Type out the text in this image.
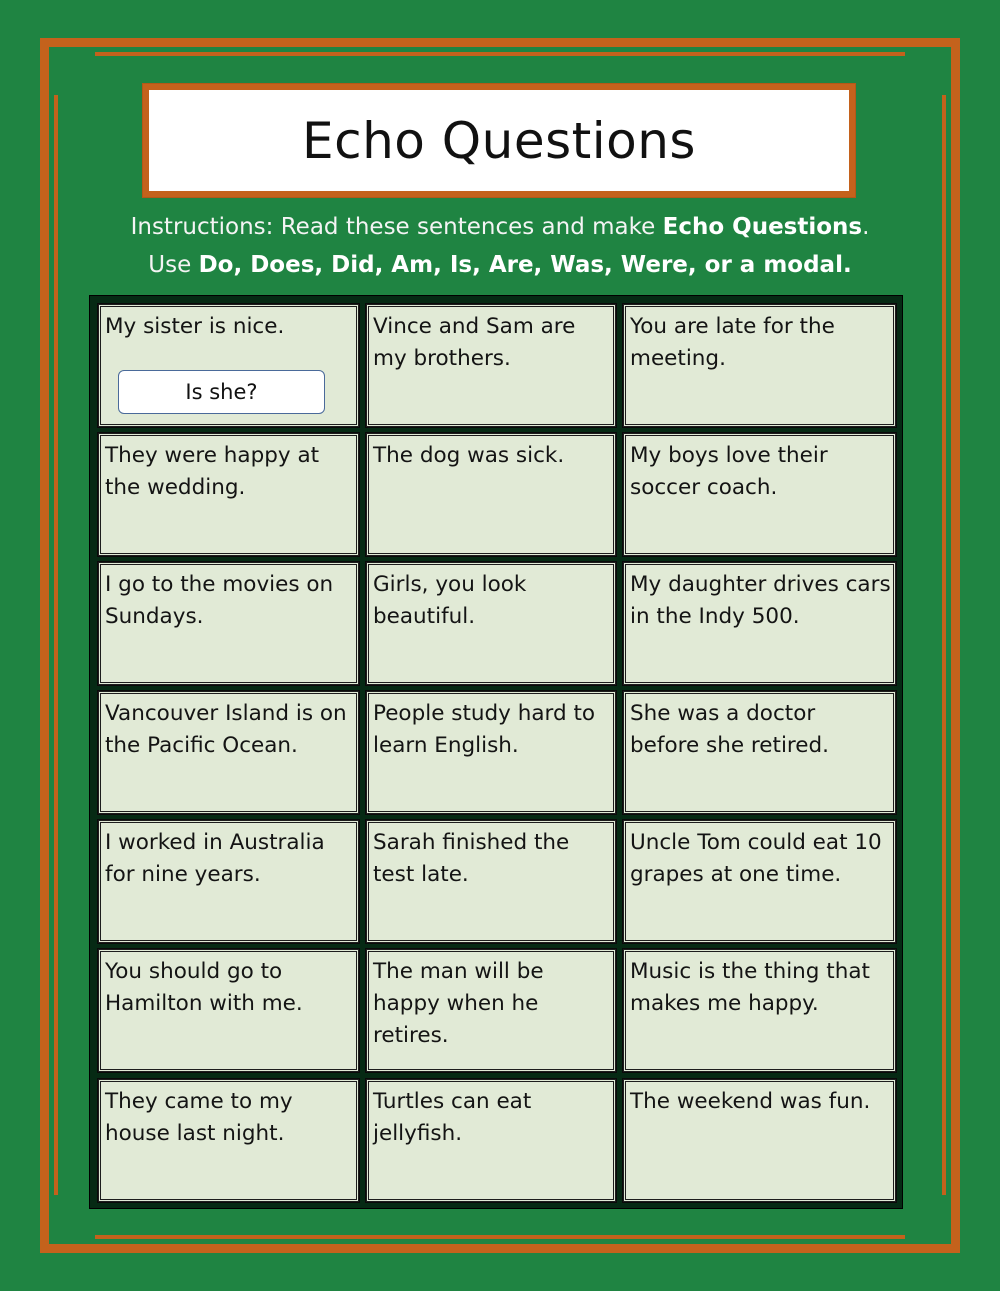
Echo Questions
Instructions: Read these sentences and make Echo Questions.
Use Do, Does, Did, Am, Is, Are, Was, Were, or a modal.
My sister is nice.
Is she?
Vince and Sam are my brothers.
You are late for the meeting.
They were happy at the wedding.
The dog was sick.	My boys love their soccer coach.
I go to the movies on Sundays.
Girls, you look beautiful.
My daughter drives cars in the Indy 500.
Vancouver Island is on the Pacific Ocean.
People study hard to learn English.
She was a doctor before she retired.
I worked in Australia for nine years.
Sarah finished the test late.
Uncle Tom could eat 10 grapes at one time.
You should go to Hamilton with me.
The man will be happy when he retires.
Music is the thing that makes me happy.
They came to my house last night.
Turtles can eat jellyfish.
The weekend was fun.
